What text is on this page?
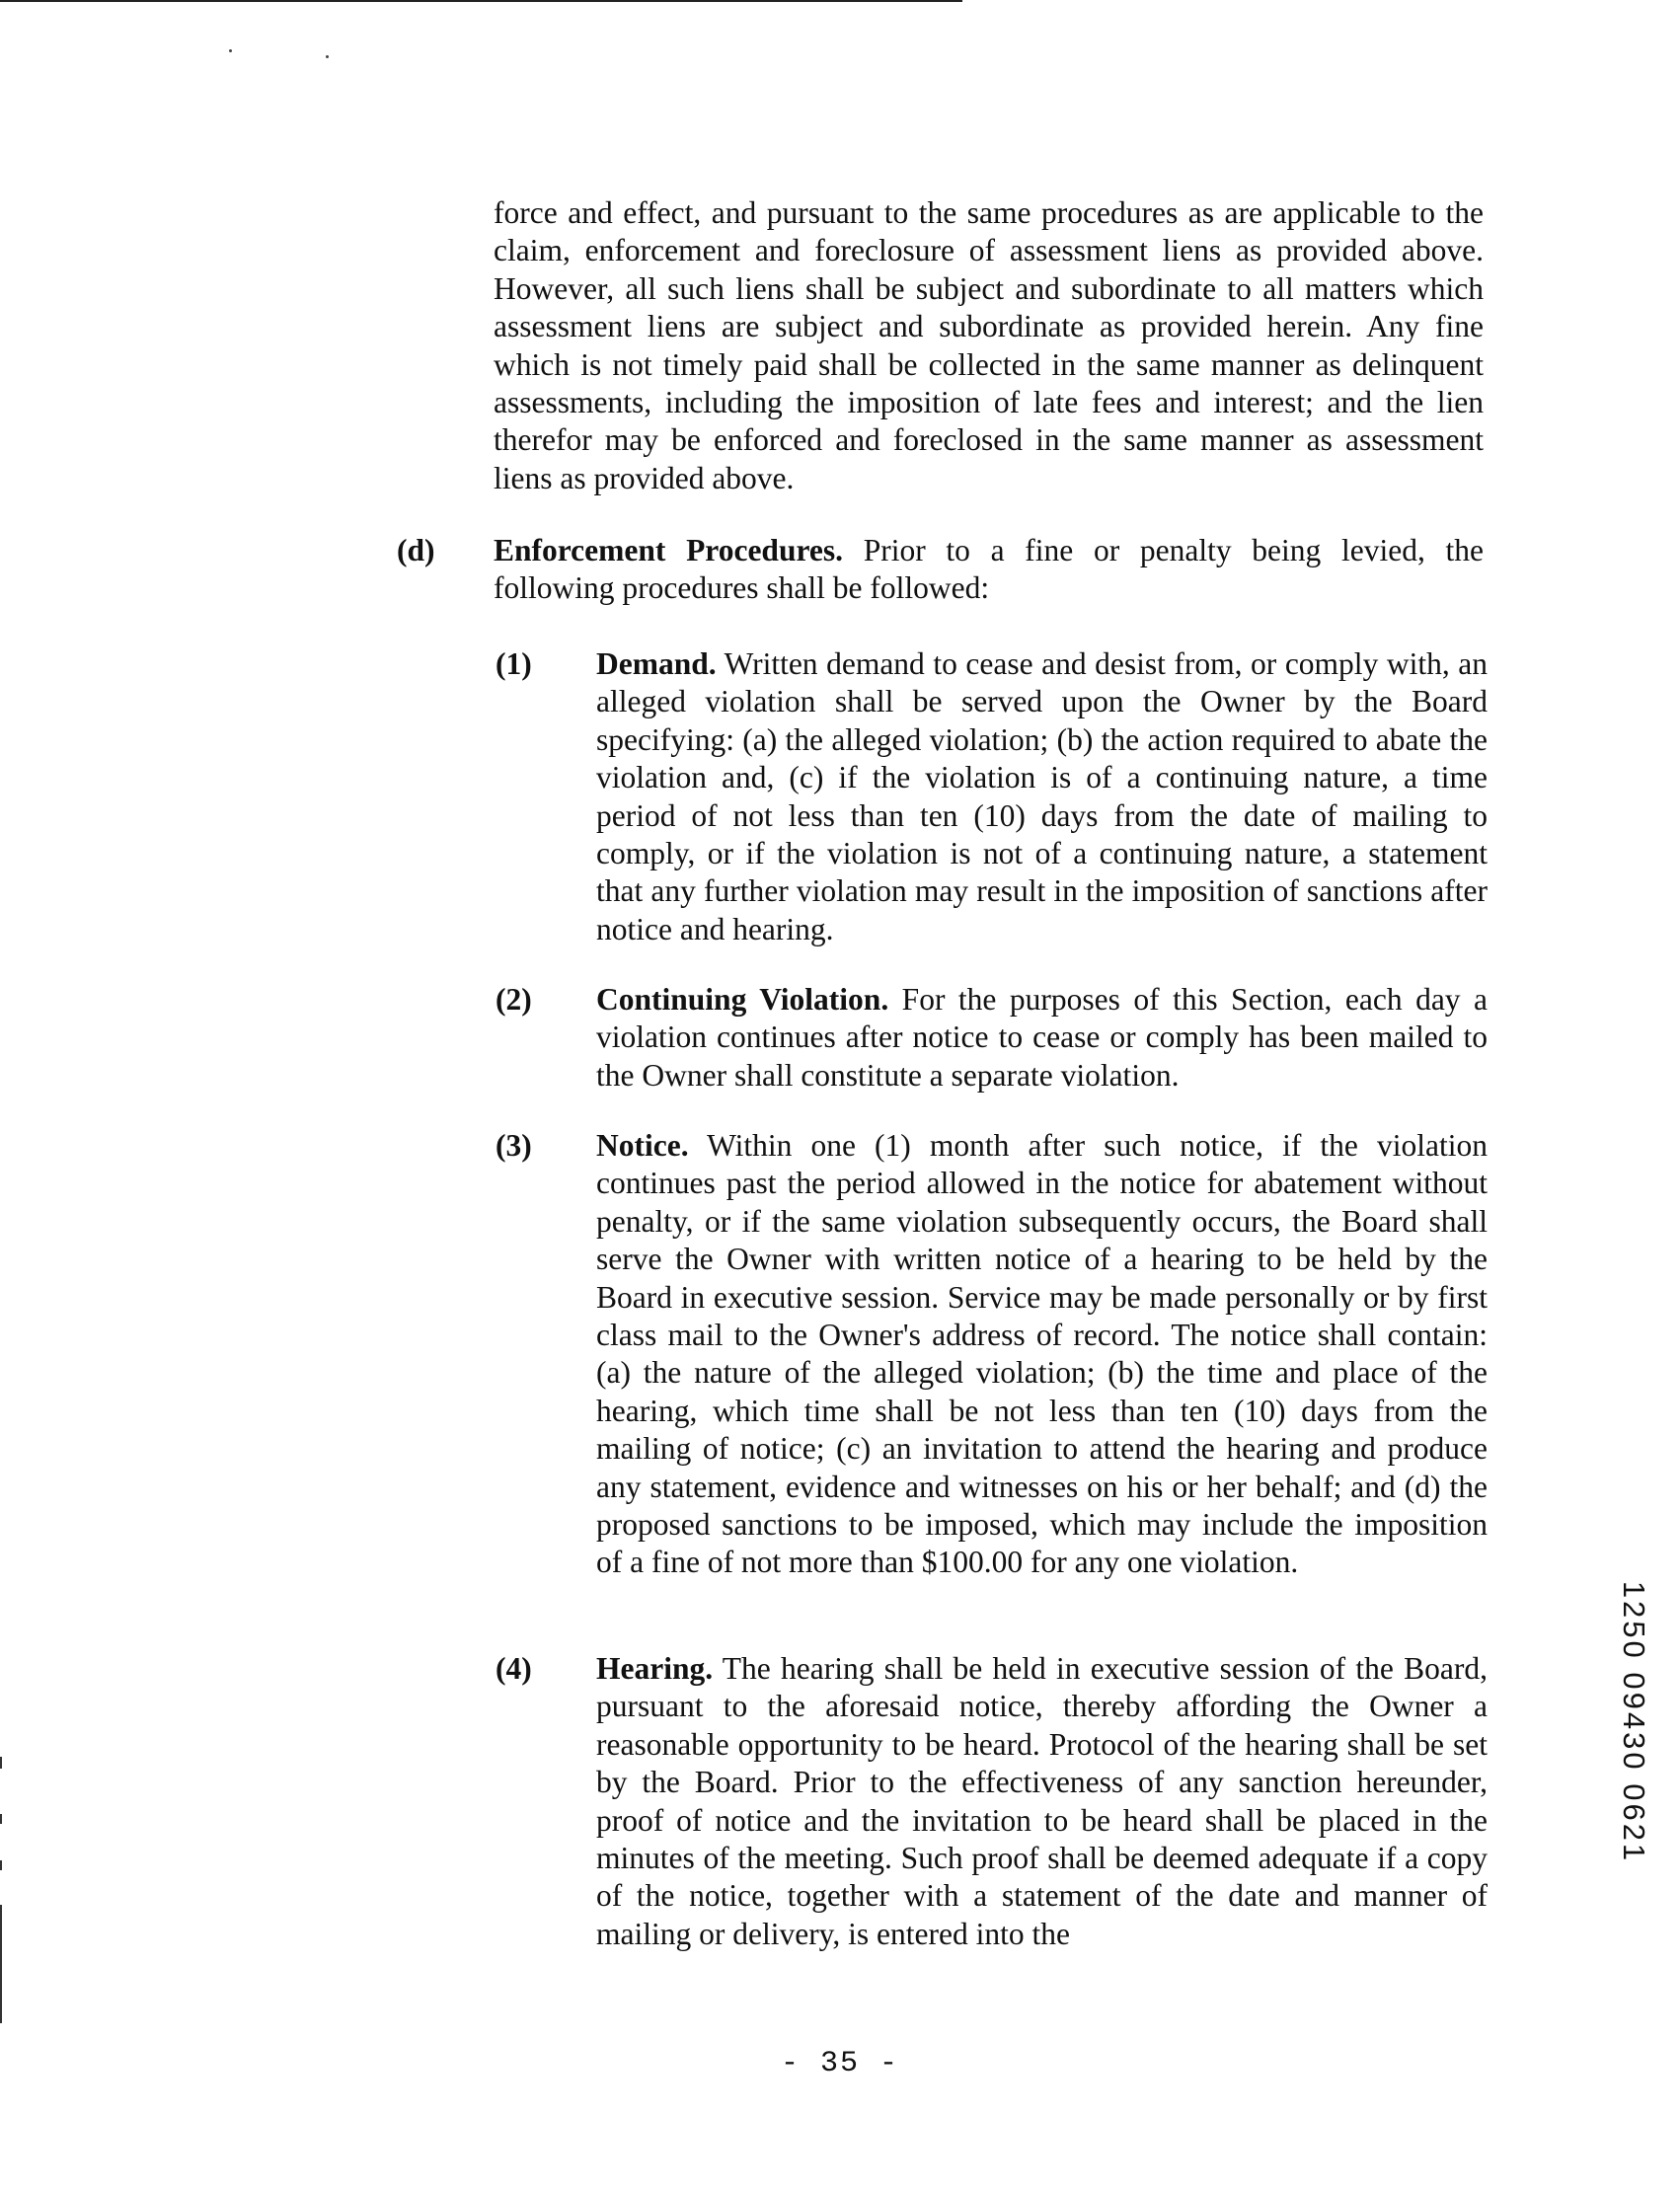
force and effect, and pursuant to the same procedures as are applicable to the claim, enforcement and foreclosure of assessment liens as provided above. However, all such liens shall be subject and subordinate to all matters which assessment liens are subject and subordinate as provided herein. Any fine which is not timely paid shall be collected in the same manner as delinquent assessments, including the imposition of late fees and interest; and the lien therefor may be enforced and foreclosed in the same manner as assessment liens as provided above.

(d) Enforcement Procedures. Prior to a fine or penalty being levied, the following procedures shall be followed:

(1) Demand. Written demand to cease and desist from, or comply with, an alleged violation shall be served upon the Owner by the Board specifying: (a) the alleged violation; (b) the action required to abate the violation and, (c) if the violation is of a continuing nature, a time period of not less than ten (10) days from the date of mailing to comply, or if the violation is not of a continuing nature, a statement that any further violation may result in the imposition of sanctions after notice and hearing.

(2) Continuing Violation. For the purposes of this Section, each day a violation continues after notice to cease or comply has been mailed to the Owner shall constitute a separate violation.

(3) Notice. Within one (1) month after such notice, if the violation continues past the period allowed in the notice for abatement without penalty, or if the same violation subsequently occurs, the Board shall serve the Owner with written notice of a hearing to be held by the Board in executive session. Service may be made personally or by first class mail to the Owner's address of record. The notice shall contain: (a) the nature of the alleged violation; (b) the time and place of the hearing, which time shall be not less than ten (10) days from the mailing of notice; (c) an invitation to attend the hearing and produce any statement, evidence and witnesses on his or her behalf; and (d) the proposed sanctions to be imposed, which may include the imposition of a fine of not more than $100.00 for any one violation.

(4) Hearing. The hearing shall be held in executive session of the Board, pursuant to the aforesaid notice, thereby affording the Owner a reasonable opportunity to be heard. Protocol of the hearing shall be set by the Board. Prior to the effectiveness of any sanction hereunder, proof of notice and the invitation to be heard shall be placed in the minutes of the meeting. Such proof shall be deemed adequate if a copy of the notice, together with a statement of the date and manner of mailing or delivery, is entered into the

- 35 -
1250 09430 0621
